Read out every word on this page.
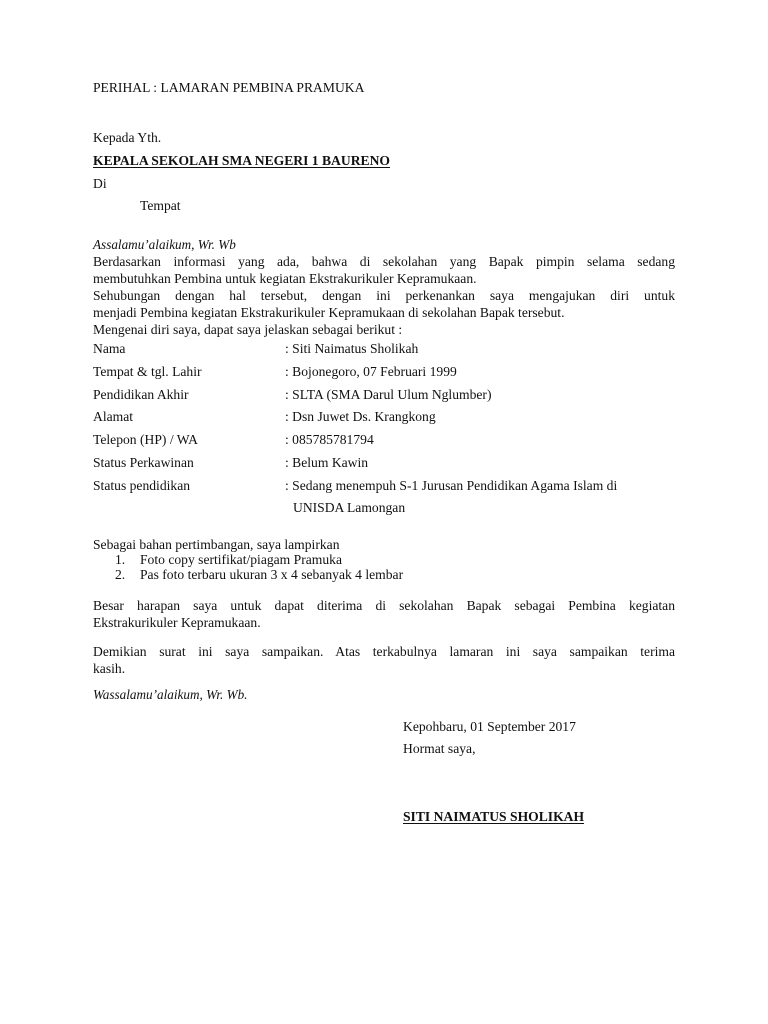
PERIHAL : LAMARAN PEMBINA PRAMUKA
Kepada Yth.
KEPALA SEKOLAH SMA NEGERI 1 BAURENO
Di
Tempat
Assalamu’alaikum, Wr. Wb
Berdasarkan informasi yang ada, bahwa di sekolahan yang Bapak pimpin selama sedang
membutuhkan Pembina untuk kegiatan Ekstrakurikuler Kepramukaan.
Sehubungan dengan hal tersebut, dengan ini perkenankan saya mengajukan diri untuk
menjadi Pembina kegiatan Ekstrakurikuler Kepramukaan di sekolahan Bapak tersebut.
Mengenai diri saya, dapat saya jelaskan sebagai berikut :
Nama	: Siti Naimatus Sholikah
Tempat & tgl. Lahir	: Bojonegoro, 07 Februari 1999
Pendidikan Akhir	: SLTA (SMA Darul Ulum Nglumber)
Alamat	: Dsn Juwet Ds. Krangkong
Telepon (HP) / WA	: 085785781794
Status Perkawinan	: Belum Kawin
Status pendidikan	: Sedang menempuh S-1 Jurusan Pendidikan Agama Islam di
UNISDA Lamongan
Sebagai bahan pertimbangan, saya lampirkan
1. Foto copy sertifikat/piagam Pramuka
2. Pas foto terbaru ukuran 3 x 4 sebanyak 4 lembar
Besar harapan saya untuk dapat diterima di sekolahan Bapak sebagai Pembina kegiatan
Ekstrakurikuler Kepramukaan.
Demikian surat ini saya sampaikan. Atas terkabulnya lamaran ini saya sampaikan terima
kasih.
Wassalamu’alaikum, Wr. Wb.
Kepohbaru, 01 September 2017
Hormat saya,
SITI NAIMATUS SHOLIKAH
